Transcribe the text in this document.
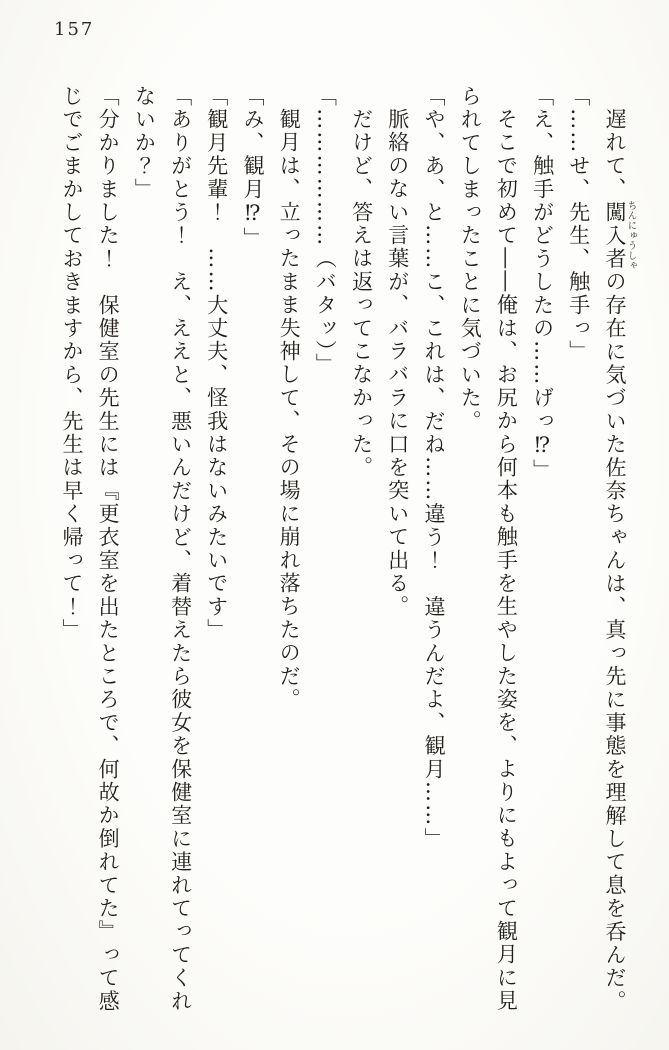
157
遅れて、闖入者ちんにゅうしゃの存在に気づいた佐奈ちゃんは、真っ先に事態を理解して息を呑んだ。
「……せ、先生、触手っ」
「え、触手がどうしたの……げっ⁉」
そこで初めて――俺は、お尻から何本も触手を生やした姿を、よりにもよって観月に見
られてしまったことに気づいた。
「や、あ、と……こ、これは、だね……違う！　違うんだよ、観月……」
脈絡のない言葉が、バラバラに口を突いて出る。
だけど、答えは返ってこなかった。
「………………（バタッ）」
観月は、立ったまま失神して、その場に崩れ落ちたのだ。
「み、観月⁉」
「観月先輩！　……大丈夫、怪我はないみたいです」
「ありがとう！　え、ええと、悪いんだけど、着替えたら彼女を保健室に連れてってくれ
ないか？」
「分かりました！　保健室の先生には『更衣室を出たところで、何故か倒れてた』って感
じでごまかしておきますから、先生は早く帰って！」
